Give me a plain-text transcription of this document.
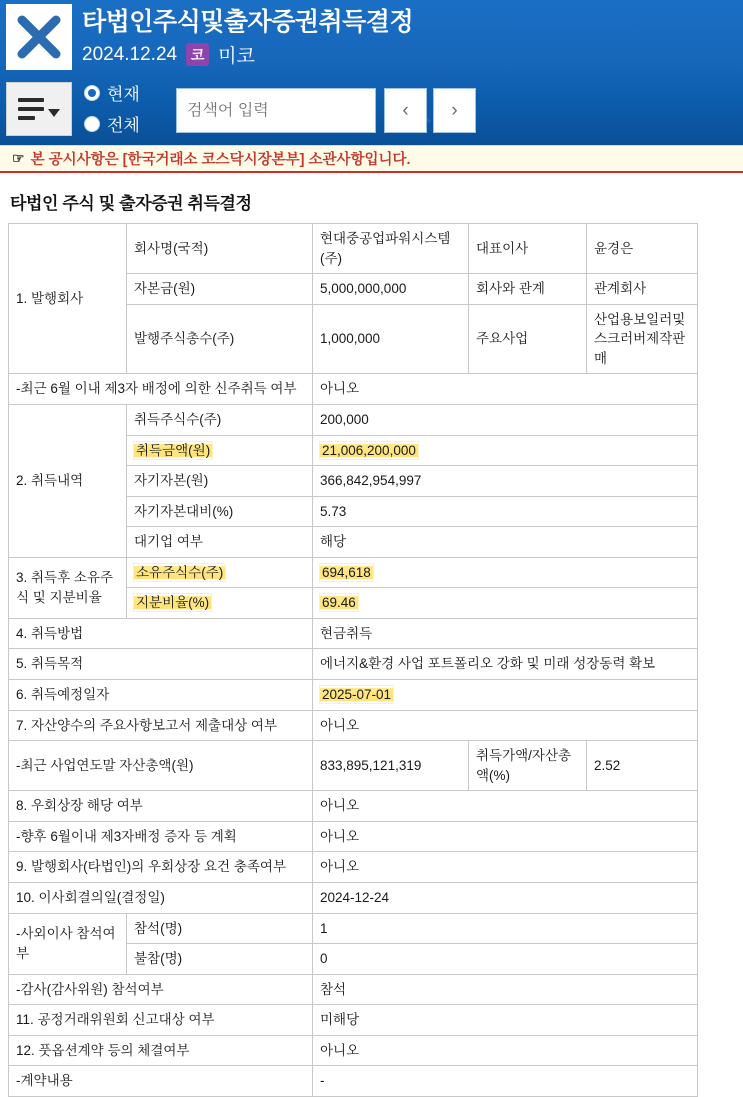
타법인주식및출자증권취득결정
2024.12.24 코 미코
현재
전체
검색어 입력
‹	›
☞ 본 공시사항은 [한국거래소 코스닥시장본부] 소관사항입니다.
타법인 주식 및 출자증권 취득결정
1. 발행회사	회사명(국적)	현대중공업파워시스템(주)	대표이사	윤경은
	자본금(원)	5,000,000,000	회사와 관계	관계회사
	발행주식총수(주)	1,000,000	주요사업	산업용보일러및스크러버제작판매
-최근 6월 이내 제3자 배정에 의한 신주취득 여부		아니오		
2. 취득내역	취득주식수(주)	200,000		
	취득금액(원)	21,006,200,000		
	자기자본(원)	366,842,954,997		
	자기자본대비(%)	5.73		
	대기업 여부	해당		
3. 취득후 소유주식 및 지분비율	소유주식수(주)	694,618		
	지분비율(%)	69.46		
4. 취득방법		현금취득		
5. 취득목적		에너지&환경 사업 포트폴리오 강화 및 미래 성장동력 확보		
6. 취득예정일자		2025-07-01		
7. 자산양수의 주요사항보고서 제출대상 여부		아니오		
-최근 사업연도말 자산총액(원)		833,895,121,319	취득가액/자산총액(%)	2.52
8. 우회상장 해당 여부		아니오		
-향후 6월이내 제3자배정 증자 등 계획		아니오		
9. 발행회사(타법인)의 우회상장 요건 충족여부		아니오		
10. 이사회결의일(결정일)		2024-12-24		
-사외이사 참석여부	참석(명)	1		
	불참(명)	0		
-감사(감사위원) 참석여부		참석		
11. 공정거래위원회 신고대상 여부		미해당		
12. 풋옵션계약 등의 체결여부		아니오		
-계약내용		-		
